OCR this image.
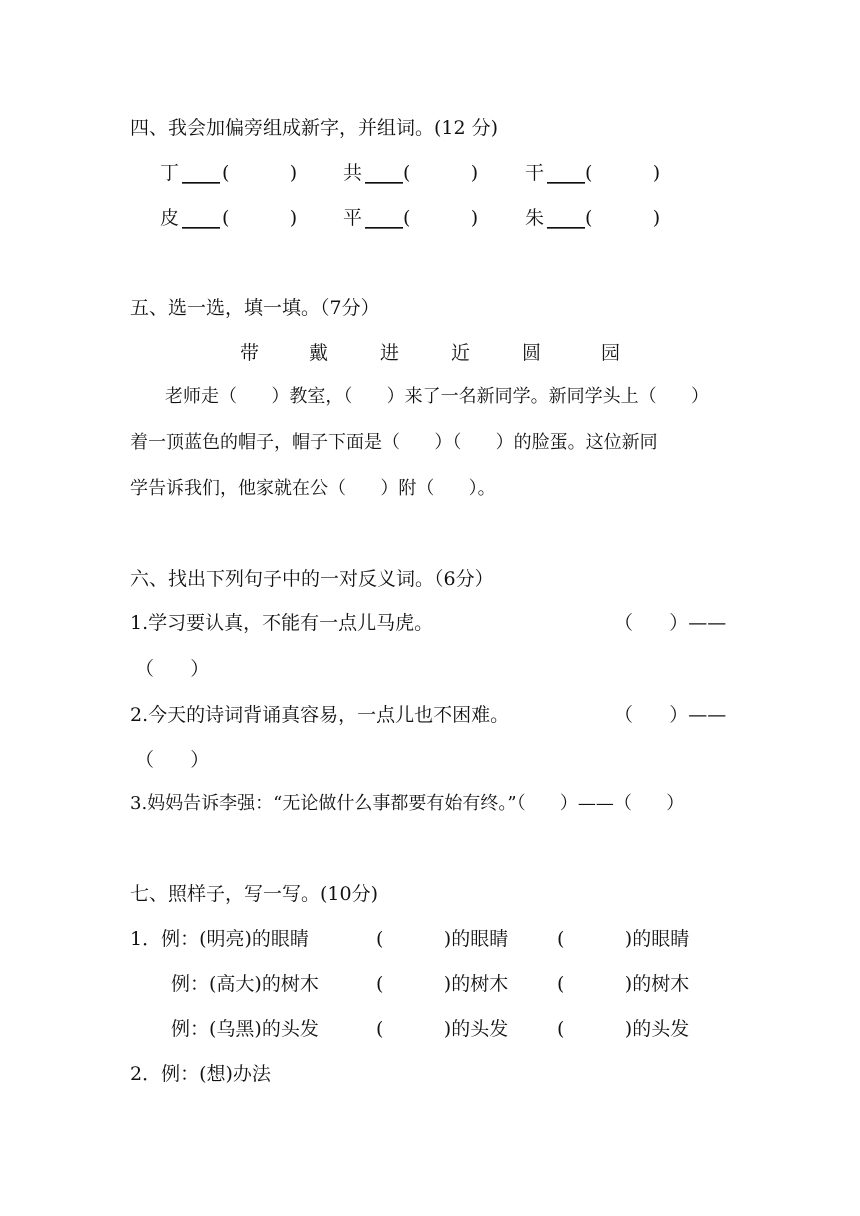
四、我会加偏旁组成新字，并组词。(12 分)
丁 ____ (          ) 共 ____ (          ) 干 ____ (          )
皮 ____ (          ) 平 ____ (          ) 朱 ____ (          )
五、选一选，填一填。（7分）
带	戴	进	近	圆	园
老师走（      ）教室，（      ）来了一名新同学。新同学头上（      ）
着一顶蓝色的帽子，帽子下面是（      ）（      ）的脸蛋。这位新同
学告诉我们，他家就在公（      ）附（      ）。
六、找出下列句子中的一对反义词。（6分）
1.学习要认真，不能有一点儿马虎。	（      ）——
（      ）
2.今天的诗词背诵真容易，一点儿也不困难。	（      ）——
（      ）
3.妈妈告诉李强：“无论做什么事都要有始有终。”（      ）——（      ）
七、照样子，写一写。(10分)
1．例：(明亮)的眼睛	(          )的眼睛	(          )的眼睛
例：(高大)的树木	(          )的树木	(          )的树木
例：(乌黑)的头发	(          )的头发	(          )的头发
2．例：(想)办法
